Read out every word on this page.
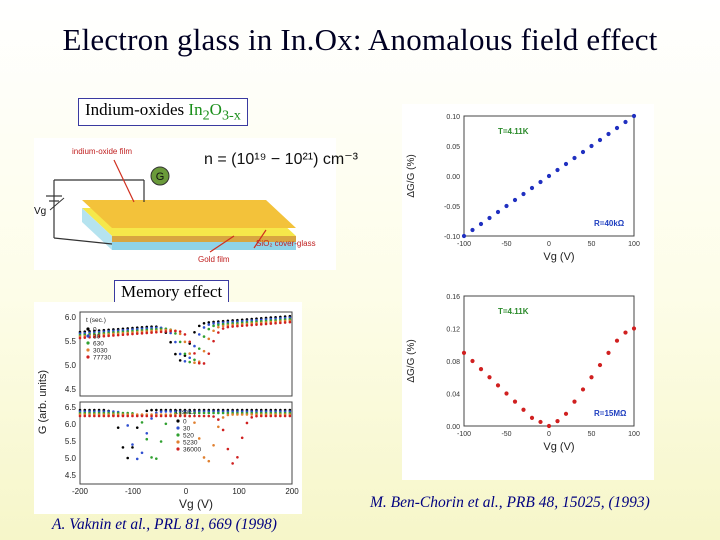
Electron glass in In.Ox: Anomalous field effect
Indium-oxides $In_2O_{3-x}$
G
indium-oxide film
Vg
n = (10¹⁹ − 10²¹) cm⁻³
SiO₂ cover-glass
Gold film
Memory effect
-200	-100	0	100	200
6.0
5.5
5.0
4.5
6.5
6.0
5.5
5.0
4.5
Vg (V)
G (arb. units)
t (sec.)
0
30
630
3030
77730
t (sec.)
0
30
520
5230
36000
-100	-50	0	50	100
0.10
0.05
0.00
-0.05
-0.10
Vg (V)
ΔG/G (%)
T=4.11K
R=40kΩ
-100	-50	0	50	100
0.16
0.12
0.08
0.04
0.00
Vg (V)
ΔG/G (%)
T=4.11K
R=15MΩ
M. Ben-Chorin et al., PRB 48, 15025, (1993)
A. Vaknin et al., PRL 81, 669 (1998)
